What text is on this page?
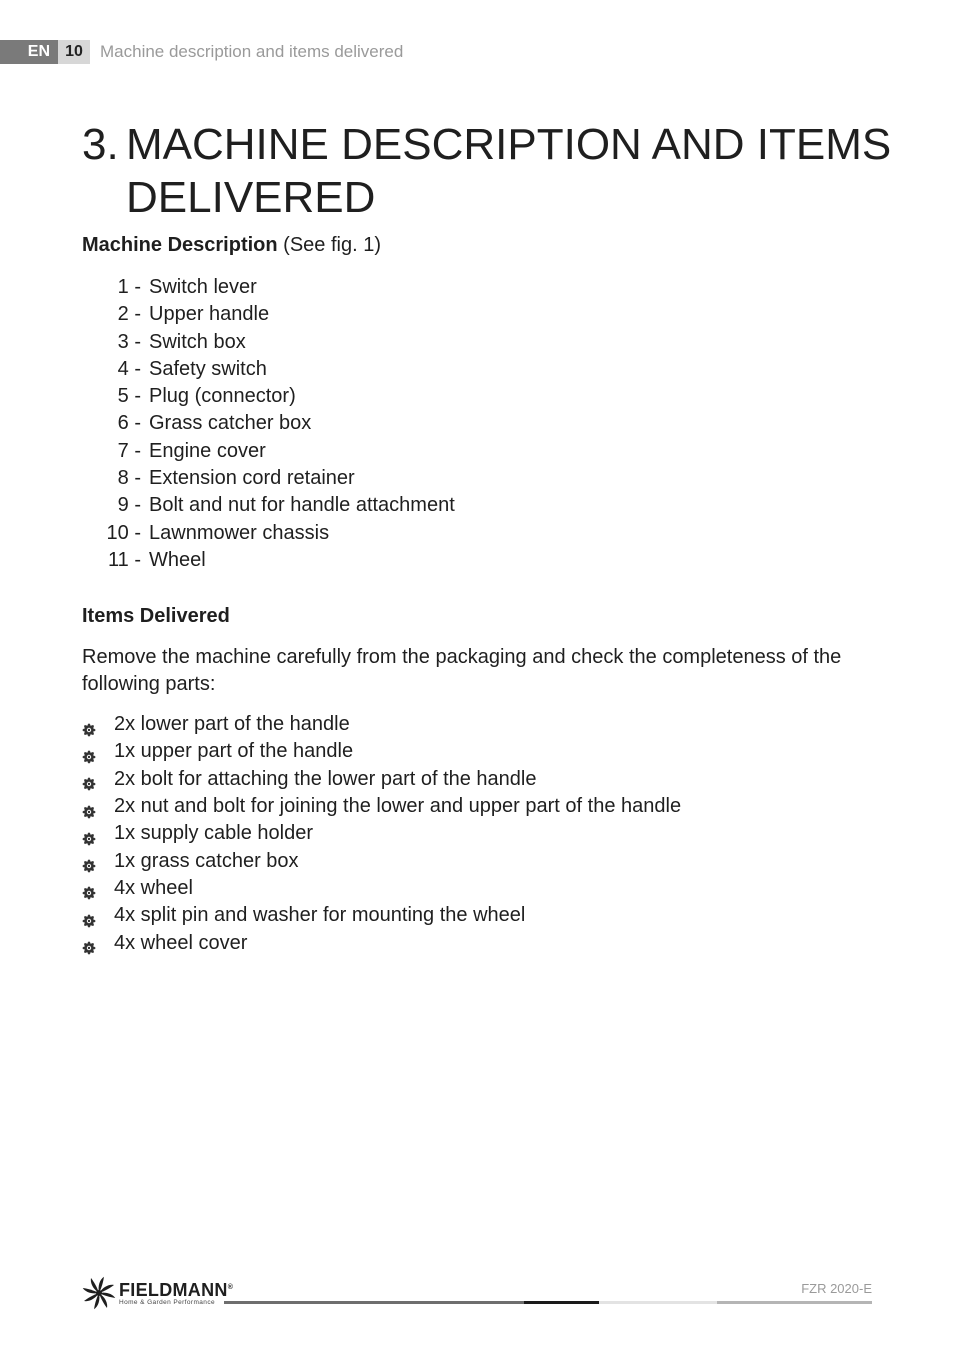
EN 10	Machine description and items delivered
3. MACHINE DESCRIPTION AND ITEMS
DELIVERED
Machine Description (See fig. 1)
1 - Switch lever
2 - Upper handle
3 - Switch box
4 - Safety switch
5 - Plug (connector)
6 - Grass catcher box
7 - Engine cover
8 - Extension cord retainer
9 - Bolt and nut for handle attachment
10 - Lawnmower chassis
11 - Wheel
Items Delivered

Remove the machine carefully from the packaging and check the completeness of the following parts:

2x lower part of the handle
1x upper part of the handle
2x bolt for attaching the lower part of the handle
2x nut and bolt for joining the lower and upper part of the handle
1x supply cable holder
1x grass catcher box
4x wheel
4x split pin and washer for mounting the wheel
4x wheel cover
FIELDMANN®
Home & Garden Performance
FZR 2020-E
